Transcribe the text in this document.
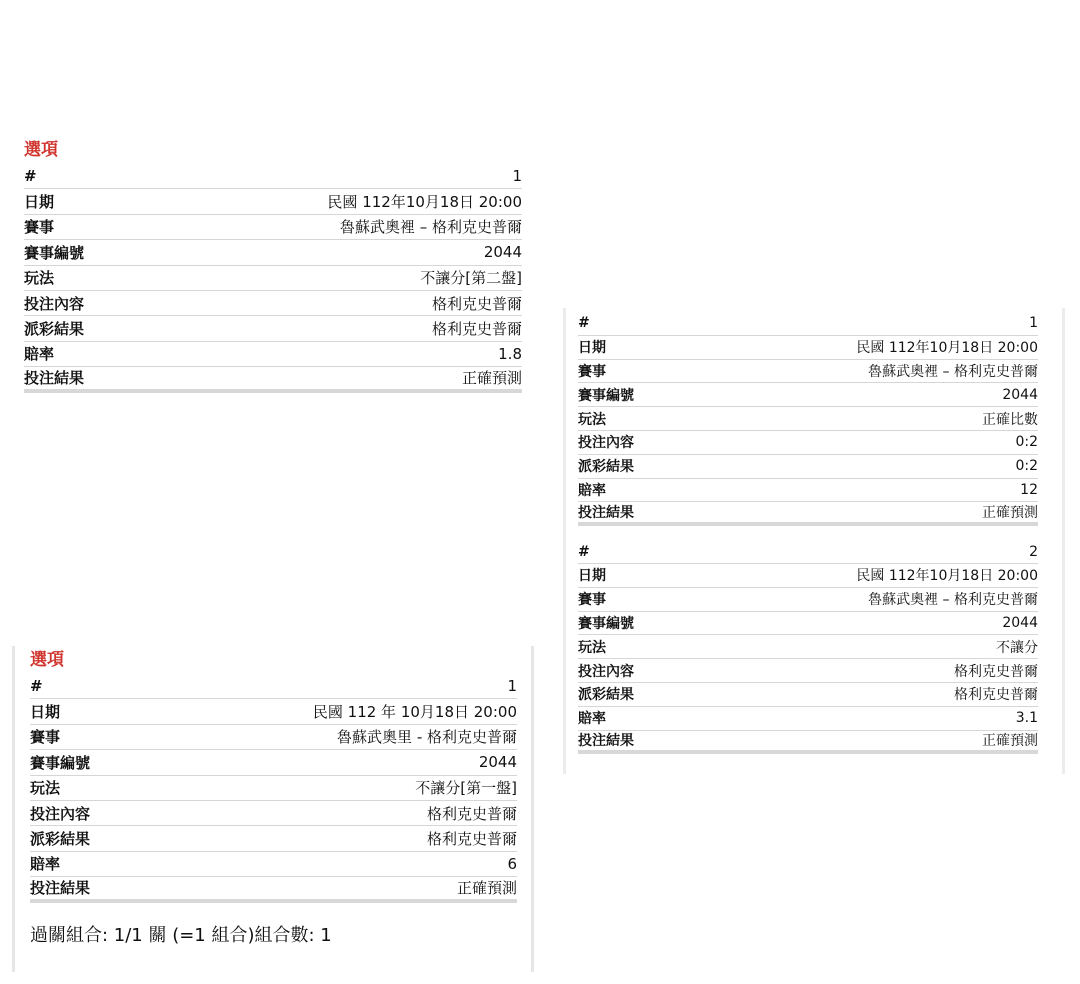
選項
#	1
日期	民國 112年10月18日 20:00
賽事	魯蘇武奧裡 – 格利克史普爾
賽事編號	2044
玩法	不讓分[第二盤]
投注內容	格利克史普爾
派彩結果	格利克史普爾
賠率	1.8
投注結果	正確預測
#	1
日期	民國 112年10月18日 20:00
賽事	魯蘇武奧裡 – 格利克史普爾
賽事編號	2044
玩法	正確比數
投注內容	0:2
派彩結果	0:2
賠率	12
投注結果	正確預測
#	2
日期	民國 112年10月18日 20:00
賽事	魯蘇武奧裡 – 格利克史普爾
賽事編號	2044
玩法	不讓分
投注內容	格利克史普爾
派彩結果	格利克史普爾
賠率	3.1
投注結果	正確預測
選項
#	1
日期	民國 112 年 10月18日 20:00
賽事	魯蘇武奧里 - 格利克史普爾
賽事編號	2044
玩法	不讓分[第一盤]
投注內容	格利克史普爾
派彩結果	格利克史普爾
賠率	6
投注結果	正確預測
過關組合: 1/1 關 (=1 組合)組合數: 1
